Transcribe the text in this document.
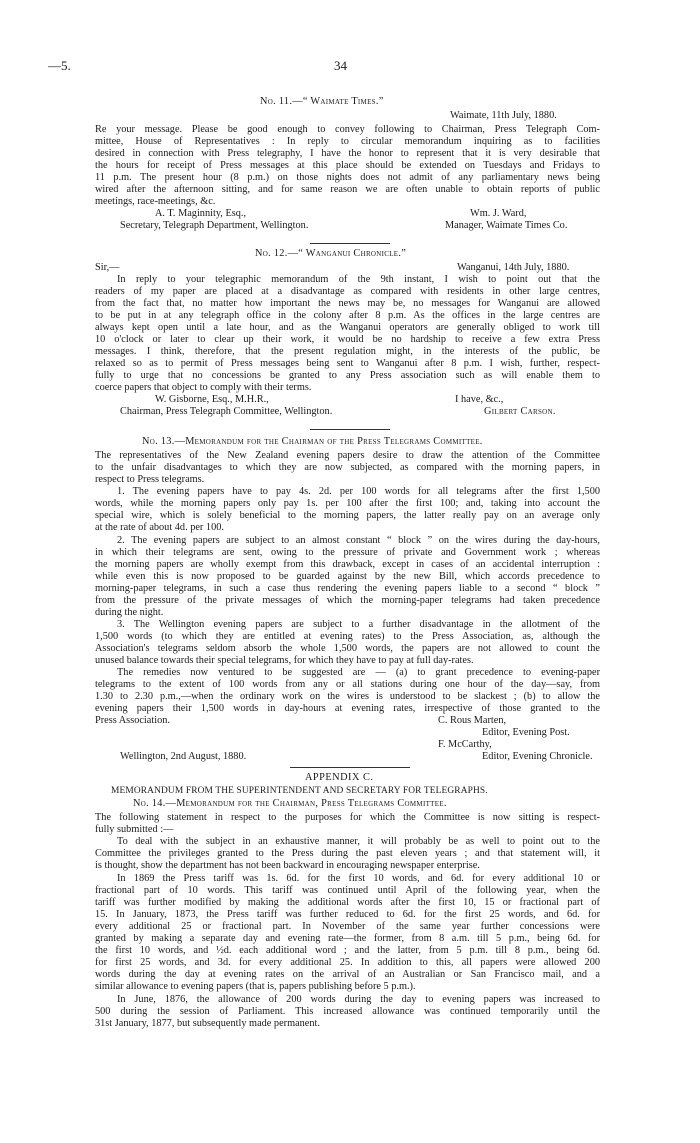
—5.	34
No. 11.—“ Waimate Times.”
Waimate, 11th July, 1880.
Re your message. Please be good enough to convey following to Chairman, Press Telegraph Com-
mittee, House of Representatives : In reply to circular memorandum inquiring as to facilities
desired in connection with Press telegraphy, I have the honor to represent that it is very desirable that
the hours for receipt of Press messages at this place should be extended on Tuesdays and Fridays to
11 p.m. The present hour (8 p.m.) on those nights does not admit of any parliamentary news being
wired after the afternoon sitting, and for same reason we are often unable to obtain reports of public
meetings, race-meetings, &c.
A. T. Maginnity, Esq.,	Wm. J. Ward,
Secretary, Telegraph Department, Wellington.	Manager, Waimate Times Co.
No. 12.—“ Wanganui Chronicle.”
Sir,—	Wanganui, 14th July, 1880.
In reply to your telegraphic memorandum of the 9th instant, I wish to point out that the
readers of my paper are placed at a disadvantage as compared with residents in other large centres,
from the fact that, no matter how important the news may be, no messages for Wanganui are allowed
to be put in at any telegraph office in the colony after 8 p.m. As the offices in the large centres are
always kept open until a late hour, and as the Wanganui operators are generally obliged to work till
10 o'clock or later to clear up their work, it would be no hardship to receive a few extra Press
messages. I think, therefore, that the present regulation might, in the interests of the public, be
relaxed so as to permit of Press messages being sent to Wanganui after 8 p.m. I wish, further, respect-
fully to urge that no concessions be granted to any Press association such as will enable them to
coerce papers that object to comply with their terms.
W. Gisborne, Esq., M.H.R.,	I have, &c.,
Chairman, Press Telegraph Committee, Wellington.	Gilbert Carson.
No. 13.—Memorandum for the Chairman of the Press Telegrams Committee.
The representatives of the New Zealand evening papers desire to draw the attention of the Committee
to the unfair disadvantages to which they are now subjected, as compared with the morning papers, in
respect to Press telegrams.
1. The evening papers have to pay 4s. 2d. per 100 words for all telegrams after the first 1,500
words, while the morning papers only pay 1s. per 100 after the first 100; and, taking into account the
special wire, which is solely beneficial to the morning papers, the latter really pay on an average only
at the rate of about 4d. per 100.
2. The evening papers are subject to an almost constant “ block ” on the wires during the day-hours,
in which their telegrams are sent, owing to the pressure of private and Government work ; whereas
the morning papers are wholly exempt from this drawback, except in cases of an accidental interruption :
while even this is now proposed to be guarded against by the new Bill, which accords precedence to
morning-paper telegrams, in such a case thus rendering the evening papers liable to a second “ block ”
from the pressure of the private messages of which the morning-paper telegrams had taken precedence
during the night.
3. The Wellington evening papers are subject to a further disadvantage in the allotment of the
1,500 words (to which they are entitled at evening rates) to the Press Association, as, although the
Association's telegrams seldom absorb the whole 1,500 words, the papers are not allowed to count the
unused balance towards their special telegrams, for which they have to pay at full day-rates.
The remedies now ventured to be suggested are — (a) to grant precedence to evening-paper
telegrams to the extent of 100 words from any or all stations during one hour of the day—say, from
1.30 to 2.30 p.m.,—when the ordinary work on the wires is understood to be slackest ; (b) to allow the
evening papers their 1,500 words in day-hours at evening rates, irrespective of those granted to the
Press Association.	C. Rous Marten,
Editor, Evening Post.
F. McCarthy,
Wellington, 2nd August, 1880.	Editor, Evening Chronicle.
APPENDIX C.
MEMORANDUM FROM THE SUPERINTENDENT AND SECRETARY FOR TELEGRAPHS.
No. 14.—Memorandum for the Chairman, Press Telegrams Committee.
The following statement in respect to the purposes for which the Committee is now sitting is respect-
fully submitted :—
To deal with the subject in an exhaustive manner, it will probably be as well to point out to the
Committee the privileges granted to the Press during the past eleven years ; and that statement will, it
is thought, show the department has not been backward in encouraging newspaper enterprise.
In 1869 the Press tariff was 1s. 6d. for the first 10 words, and 6d. for every additional 10 or
fractional part of 10 words. This tariff was continued until April of the following year, when the
tariff was further modified by making the additional words after the first 10, 15 or fractional part of
15. In January, 1873, the Press tariff was further reduced to 6d. for the first 25 words, and 6d. for
every additional 25 or fractional part. In November of the same year further concessions were
granted by making a separate day and evening rate—the former, from 8 a.m. till 5 p.m., being 6d. for
the first 10 words, and ½d. each additional word ; and the latter, from 5 p.m. till 8 p.m., being 6d.
for first 25 words, and 3d. for every additional 25. In addition to this, all papers were allowed 200
words during the day at evening rates on the arrival of an Australian or San Francisco mail, and a
similar allowance to evening papers (that is, papers publishing before 5 p.m.).
In June, 1876, the allowance of 200 words during the day to evening papers was increased to
500 during the session of Parliament. This increased allowance was continued temporarily until the
31st January, 1877, but subsequently made permanent.
